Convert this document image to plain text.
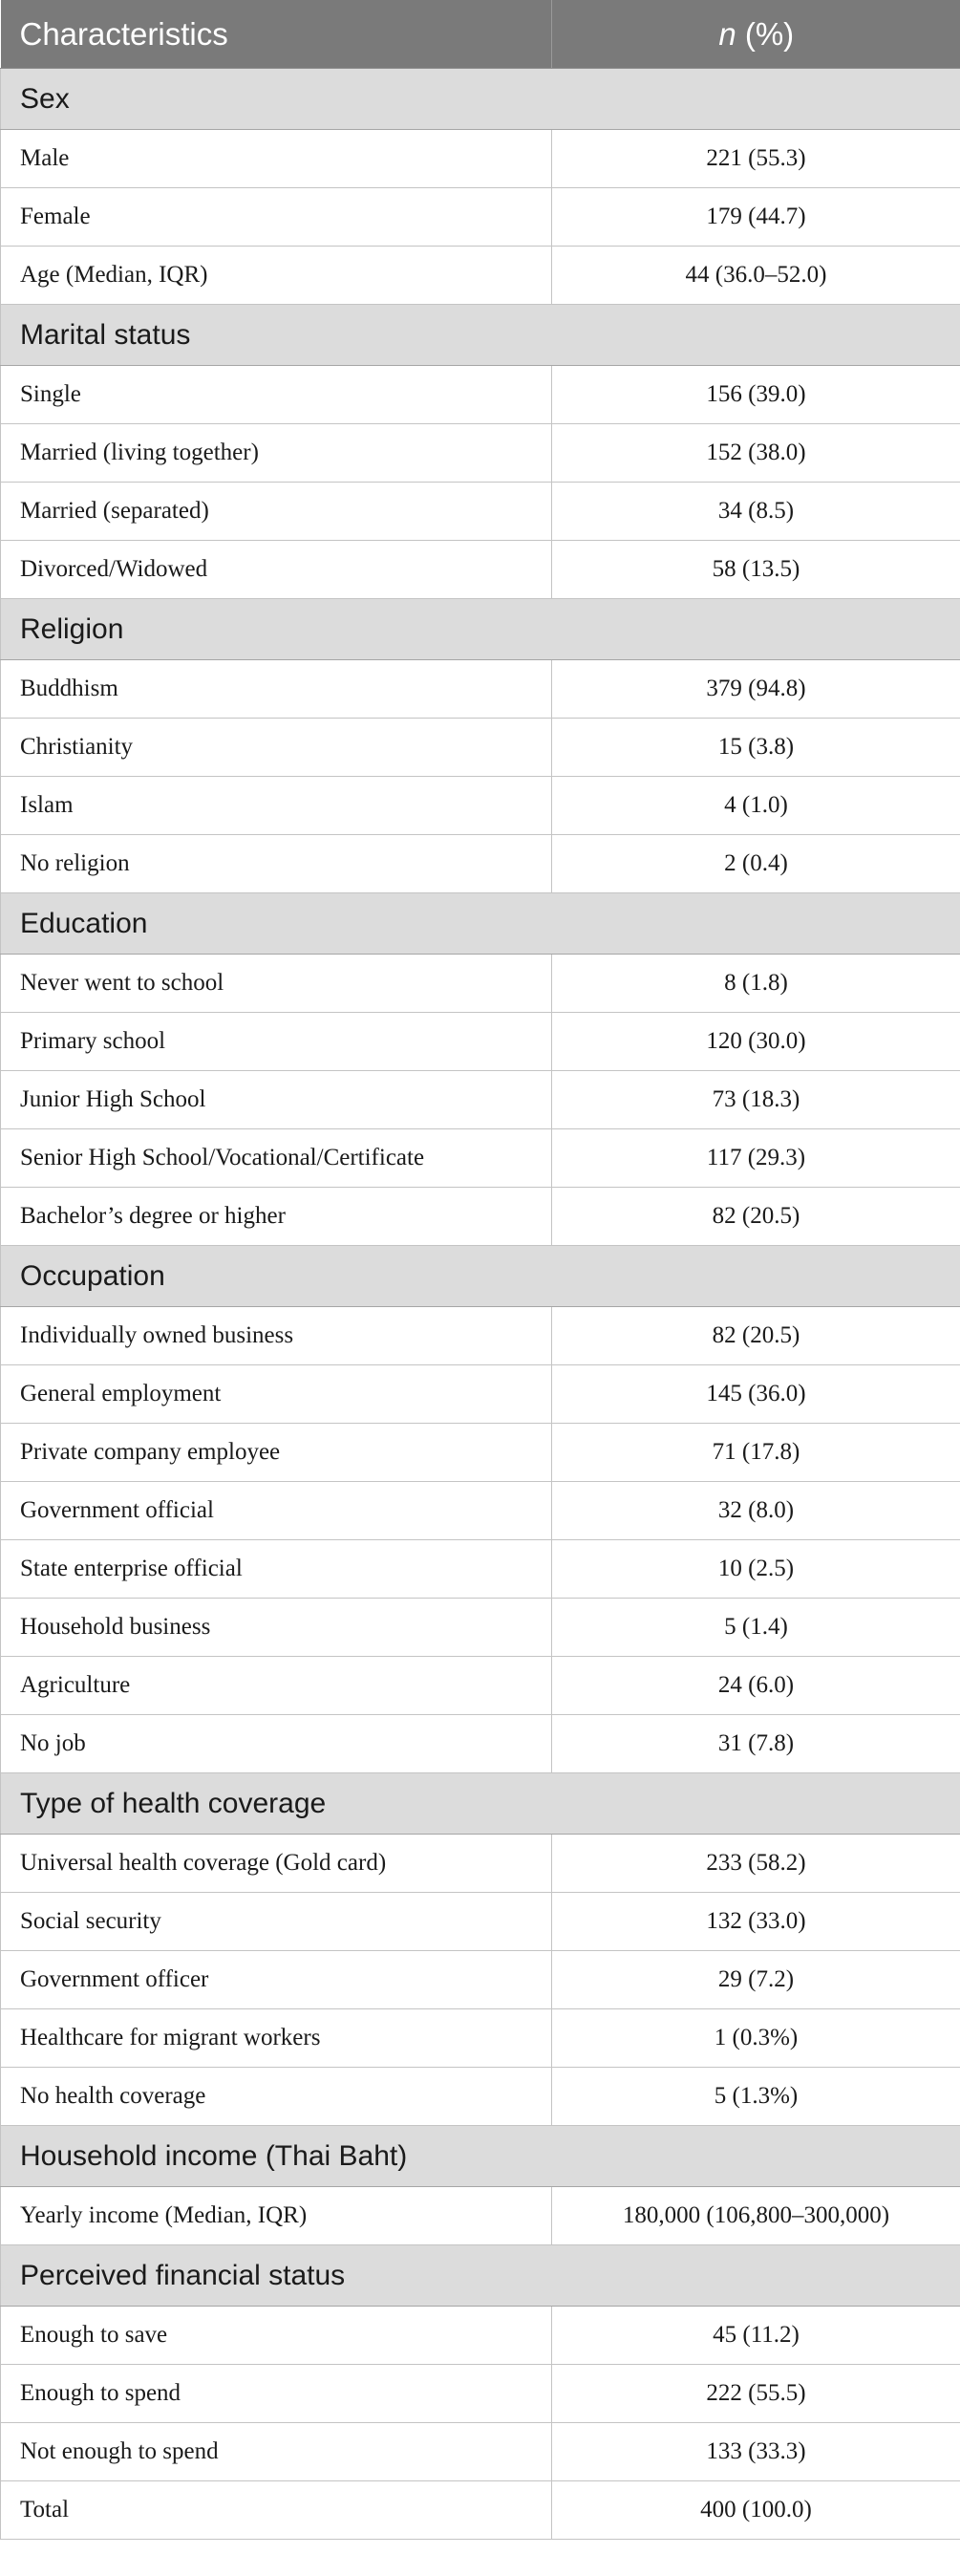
Characteristics	n (%)
Sex	
Male	221 (55.3)
Female	179 (44.7)
Age (Median, IQR)	44 (36.0–52.0)
Marital status	
Single	156 (39.0)
Married (living together)	152 (38.0)
Married (separated)	34 (8.5)
Divorced/Widowed	58 (13.5)
Religion	
Buddhism	379 (94.8)
Christianity	15 (3.8)
Islam	4 (1.0)
No religion	2 (0.4)
Education	
Never went to school	8 (1.8)
Primary school	120 (30.0)
Junior High School	73 (18.3)
Senior High School/Vocational/Certificate	117 (29.3)
Bachelor’s degree or higher	82 (20.5)
Occupation	
Individually owned business	82 (20.5)
General employment	145 (36.0)
Private company employee	71 (17.8)
Government official	32 (8.0)
State enterprise official	10 (2.5)
Household business	5 (1.4)
Agriculture	24 (6.0)
No job	31 (7.8)
Type of health coverage	
Universal health coverage (Gold card)	233 (58.2)
Social security	132 (33.0)
Government officer	29 (7.2)
Healthcare for migrant workers	1 (0.3%)
No health coverage	5 (1.3%)
Household income (Thai Baht)	
Yearly income (Median, IQR)	180,000 (106,800–300,000)
Perceived financial status	
Enough to save	45 (11.2)
Enough to spend	222 (55.5)
Not enough to spend	133 (33.3)
Total	400 (100.0)
